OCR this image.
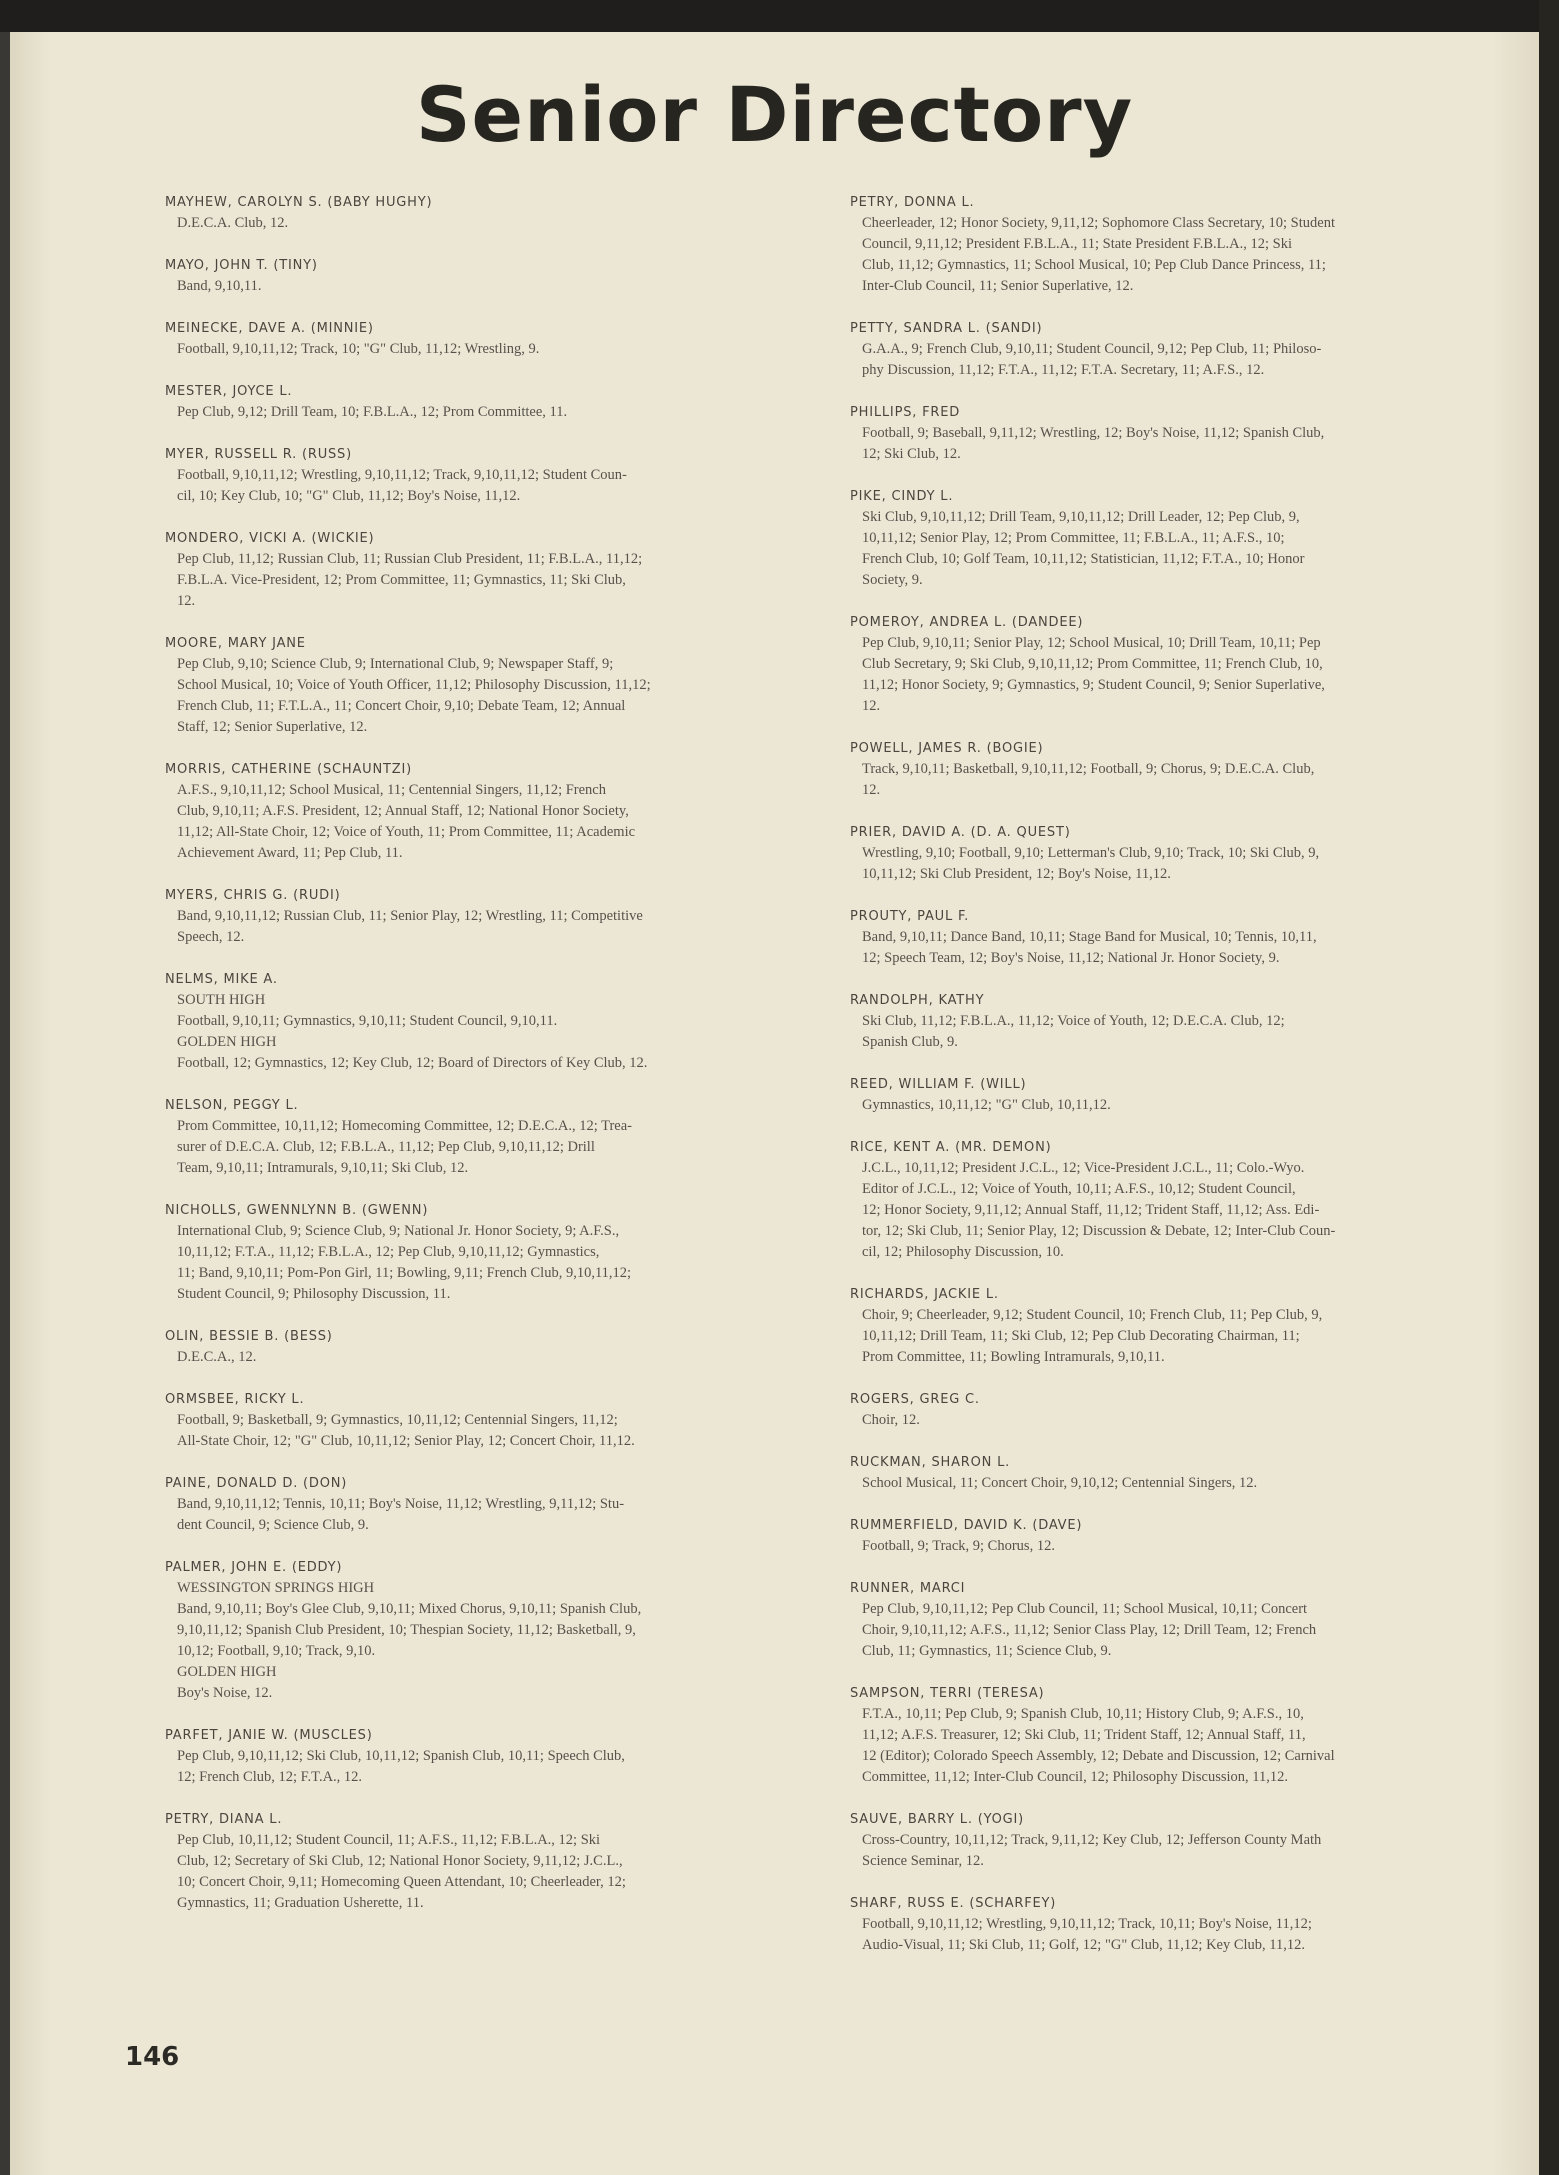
Senior Directory
MAYHEW, CAROLYN S. (BABY HUGHY)
D.E.C.A. Club, 12.
MAYO, JOHN T. (TINY)
Band, 9,10,11.
MEINECKE, DAVE A. (MINNIE)
Football, 9,10,11,12; Track, 10; "G" Club, 11,12; Wrestling, 9.
MESTER, JOYCE L.
Pep Club, 9,12; Drill Team, 10; F.B.L.A., 12; Prom Committee, 11.
MYER, RUSSELL R. (RUSS)
Football, 9,10,11,12; Wrestling, 9,10,11,12; Track, 9,10,11,12; Student Coun-
cil, 10; Key Club, 10; "G" Club, 11,12; Boy's Noise, 11,12.
MONDERO, VICKI A. (WICKIE)
Pep Club, 11,12; Russian Club, 11; Russian Club President, 11; F.B.L.A., 11,12;
F.B.L.A. Vice-President, 12; Prom Committee, 11; Gymnastics, 11; Ski Club,
12.
MOORE, MARY JANE
Pep Club, 9,10; Science Club, 9; International Club, 9; Newspaper Staff, 9;
School Musical, 10; Voice of Youth Officer, 11,12; Philosophy Discussion, 11,12;
French Club, 11; F.T.L.A., 11; Concert Choir, 9,10; Debate Team, 12; Annual
Staff, 12; Senior Superlative, 12.
MORRIS, CATHERINE (SCHAUNTZI)
A.F.S., 9,10,11,12; School Musical, 11; Centennial Singers, 11,12; French
Club, 9,10,11; A.F.S. President, 12; Annual Staff, 12; National Honor Society,
11,12; All-State Choir, 12; Voice of Youth, 11; Prom Committee, 11; Academic
Achievement Award, 11; Pep Club, 11.
MYERS, CHRIS G. (RUDI)
Band, 9,10,11,12; Russian Club, 11; Senior Play, 12; Wrestling, 11; Competitive
Speech, 12.
NELMS, MIKE A.
SOUTH HIGH
Football, 9,10,11; Gymnastics, 9,10,11; Student Council, 9,10,11.
GOLDEN HIGH
Football, 12; Gymnastics, 12; Key Club, 12; Board of Directors of Key Club, 12.
NELSON, PEGGY L.
Prom Committee, 10,11,12; Homecoming Committee, 12; D.E.C.A., 12; Trea-
surer of D.E.C.A. Club, 12; F.B.L.A., 11,12; Pep Club, 9,10,11,12; Drill
Team, 9,10,11; Intramurals, 9,10,11; Ski Club, 12.
NICHOLLS, GWENNLYNN B. (GWENN)
International Club, 9; Science Club, 9; National Jr. Honor Society, 9; A.F.S.,
10,11,12; F.T.A., 11,12; F.B.L.A., 12; Pep Club, 9,10,11,12; Gymnastics,
11; Band, 9,10,11; Pom-Pon Girl, 11; Bowling, 9,11; French Club, 9,10,11,12;
Student Council, 9; Philosophy Discussion, 11.
OLIN, BESSIE B. (BESS)
D.E.C.A., 12.
ORMSBEE, RICKY L.
Football, 9; Basketball, 9; Gymnastics, 10,11,12; Centennial Singers, 11,12;
All-State Choir, 12; "G" Club, 10,11,12; Senior Play, 12; Concert Choir, 11,12.
PAINE, DONALD D. (DON)
Band, 9,10,11,12; Tennis, 10,11; Boy's Noise, 11,12; Wrestling, 9,11,12; Stu-
dent Council, 9; Science Club, 9.
PALMER, JOHN E. (EDDY)
WESSINGTON SPRINGS HIGH
Band, 9,10,11; Boy's Glee Club, 9,10,11; Mixed Chorus, 9,10,11; Spanish Club,
9,10,11,12; Spanish Club President, 10; Thespian Society, 11,12; Basketball, 9,
10,12; Football, 9,10; Track, 9,10.
GOLDEN HIGH
Boy's Noise, 12.
PARFET, JANIE W. (MUSCLES)
Pep Club, 9,10,11,12; Ski Club, 10,11,12; Spanish Club, 10,11; Speech Club,
12; French Club, 12; F.T.A., 12.
PETRY, DIANA L.
Pep Club, 10,11,12; Student Council, 11; A.F.S., 11,12; F.B.L.A., 12; Ski
Club, 12; Secretary of Ski Club, 12; National Honor Society, 9,11,12; J.C.L.,
10; Concert Choir, 9,11; Homecoming Queen Attendant, 10; Cheerleader, 12;
Gymnastics, 11; Graduation Usherette, 11.
PETRY, DONNA L.
Cheerleader, 12; Honor Society, 9,11,12; Sophomore Class Secretary, 10; Student
Council, 9,11,12; President F.B.L.A., 11; State President F.B.L.A., 12; Ski
Club, 11,12; Gymnastics, 11; School Musical, 10; Pep Club Dance Princess, 11;
Inter-Club Council, 11; Senior Superlative, 12.
PETTY, SANDRA L. (SANDI)
G.A.A., 9; French Club, 9,10,11; Student Council, 9,12; Pep Club, 11; Philoso-
phy Discussion, 11,12; F.T.A., 11,12; F.T.A. Secretary, 11; A.F.S., 12.
PHILLIPS, FRED
Football, 9; Baseball, 9,11,12; Wrestling, 12; Boy's Noise, 11,12; Spanish Club,
12; Ski Club, 12.
PIKE, CINDY L.
Ski Club, 9,10,11,12; Drill Team, 9,10,11,12; Drill Leader, 12; Pep Club, 9,
10,11,12; Senior Play, 12; Prom Committee, 11; F.B.L.A., 11; A.F.S., 10;
French Club, 10; Golf Team, 10,11,12; Statistician, 11,12; F.T.A., 10; Honor
Society, 9.
POMEROY, ANDREA L. (DANDEE)
Pep Club, 9,10,11; Senior Play, 12; School Musical, 10; Drill Team, 10,11; Pep
Club Secretary, 9; Ski Club, 9,10,11,12; Prom Committee, 11; French Club, 10,
11,12; Honor Society, 9; Gymnastics, 9; Student Council, 9; Senior Superlative,
12.
POWELL, JAMES R. (BOGIE)
Track, 9,10,11; Basketball, 9,10,11,12; Football, 9; Chorus, 9; D.E.C.A. Club,
12.
PRIER, DAVID A. (D. A. QUEST)
Wrestling, 9,10; Football, 9,10; Letterman's Club, 9,10; Track, 10; Ski Club, 9,
10,11,12; Ski Club President, 12; Boy's Noise, 11,12.
PROUTY, PAUL F.
Band, 9,10,11; Dance Band, 10,11; Stage Band for Musical, 10; Tennis, 10,11,
12; Speech Team, 12; Boy's Noise, 11,12; National Jr. Honor Society, 9.
RANDOLPH, KATHY
Ski Club, 11,12; F.B.L.A., 11,12; Voice of Youth, 12; D.E.C.A. Club, 12;
Spanish Club, 9.
REED, WILLIAM F. (WILL)
Gymnastics, 10,11,12; "G" Club, 10,11,12.
RICE, KENT A. (MR. DEMON)
J.C.L., 10,11,12; President J.C.L., 12; Vice-President J.C.L., 11; Colo.-Wyo.
Editor of J.C.L., 12; Voice of Youth, 10,11; A.F.S., 10,12; Student Council,
12; Honor Society, 9,11,12; Annual Staff, 11,12; Trident Staff, 11,12; Ass. Edi-
tor, 12; Ski Club, 11; Senior Play, 12; Discussion & Debate, 12; Inter-Club Coun-
cil, 12; Philosophy Discussion, 10.
RICHARDS, JACKIE L.
Choir, 9; Cheerleader, 9,12; Student Council, 10; French Club, 11; Pep Club, 9,
10,11,12; Drill Team, 11; Ski Club, 12; Pep Club Decorating Chairman, 11;
Prom Committee, 11; Bowling Intramurals, 9,10,11.
ROGERS, GREG C.
Choir, 12.
RUCKMAN, SHARON L.
School Musical, 11; Concert Choir, 9,10,12; Centennial Singers, 12.
RUMMERFIELD, DAVID K. (DAVE)
Football, 9; Track, 9; Chorus, 12.
RUNNER, MARCI
Pep Club, 9,10,11,12; Pep Club Council, 11; School Musical, 10,11; Concert
Choir, 9,10,11,12; A.F.S., 11,12; Senior Class Play, 12; Drill Team, 12; French
Club, 11; Gymnastics, 11; Science Club, 9.
SAMPSON, TERRI (TERESA)
F.T.A., 10,11; Pep Club, 9; Spanish Club, 10,11; History Club, 9; A.F.S., 10,
11,12; A.F.S. Treasurer, 12; Ski Club, 11; Trident Staff, 12; Annual Staff, 11,
12 (Editor); Colorado Speech Assembly, 12; Debate and Discussion, 12; Carnival
Committee, 11,12; Inter-Club Council, 12; Philosophy Discussion, 11,12.
SAUVE, BARRY L. (YOGI)
Cross-Country, 10,11,12; Track, 9,11,12; Key Club, 12; Jefferson County Math
Science Seminar, 12.
SHARF, RUSS E. (SCHARFEY)
Football, 9,10,11,12; Wrestling, 9,10,11,12; Track, 10,11; Boy's Noise, 11,12;
Audio-Visual, 11; Ski Club, 11; Golf, 12; "G" Club, 11,12; Key Club, 11,12.
146
